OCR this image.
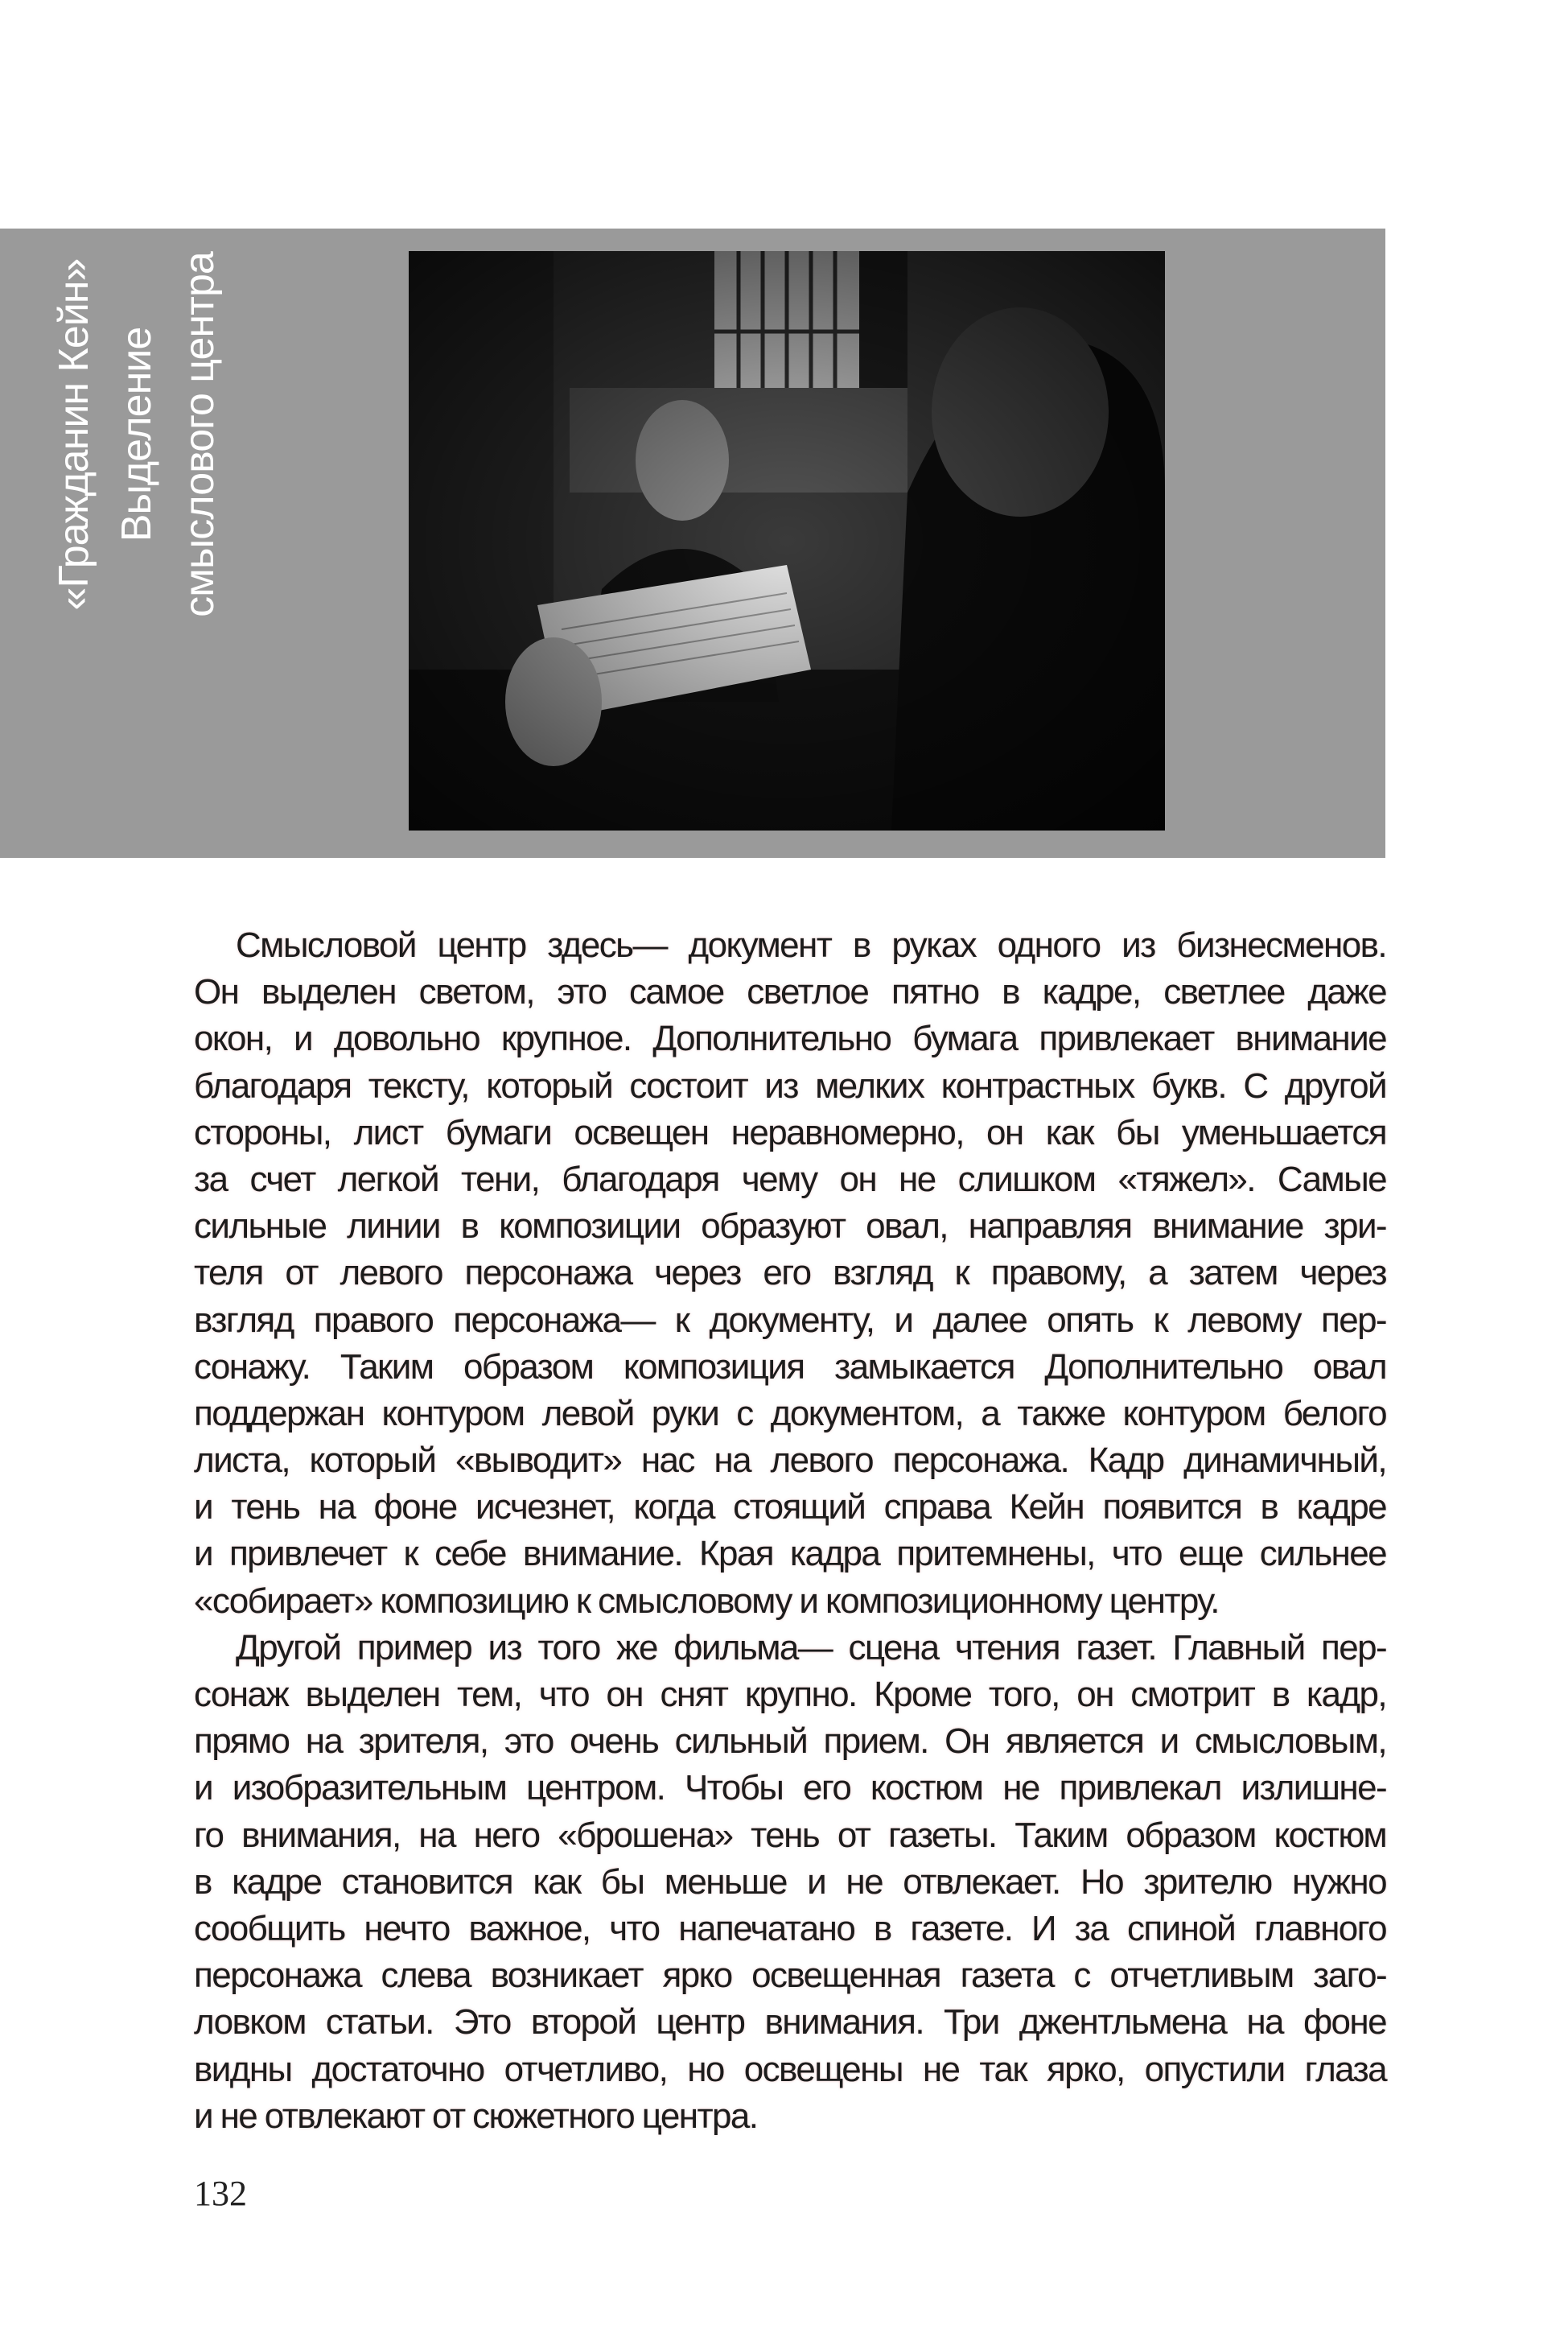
«Гражданин Кейн» Выделение смыслового центра
Смысловой центр здесь— документ в руках одного из бизнесменов.
Он выделен светом, это самое светлое пятно в кадре, светлее даже
окон, и довольно крупное. Дополнительно бумага привлекает внимание
благодаря тексту, который состоит из мелких контрастных букв. С другой
стороны, лист бумаги освещен неравномерно, он как бы уменьшается
за счет легкой тени, благодаря чему он не слишком «тяжел». Самые
сильные линии в композиции образуют овал, направляя внимание зри-
теля от левого персонажа через его взгляд к правому, а затем через
взгляд правого персонажа— к документу, и далее опять к левому пер-
сонажу. Таким образом композиция замыкается Дополнительно овал
поддержан контуром левой руки с документом, а также контуром белого
листа, который «выводит» нас на левого персонажа. Кадр динамичный,
и тень на фоне исчезнет, когда стоящий справа Кейн появится в кадре
и привлечет к себе внимание. Края кадра притемнены, что еще сильнее
«собирает» композицию к смысловому и композиционному центру.
Другой пример из того же фильма— сцена чтения газет. Главный пер-
сонаж выделен тем, что он снят крупно. Кроме того, он смотрит в кадр,
прямо на зрителя, это очень сильный прием. Он является и смысловым,
и изобразительным центром. Чтобы его костюм не привлекал излишне-
го внимания, на него «брошена» тень от газеты. Таким образом костюм
в кадре становится как бы меньше и не отвлекает. Но зрителю нужно
сообщить нечто важное, что напечатано в газете. И за спиной главного
персонажа слева возникает ярко освещенная газета с отчетливым заго-
ловком статьи. Это второй центр внимания. Три джентльмена на фоне
видны достаточно отчетливо, но освещены не так ярко, опустили глаза
и не отвлекают от сюжетного центра.
132
